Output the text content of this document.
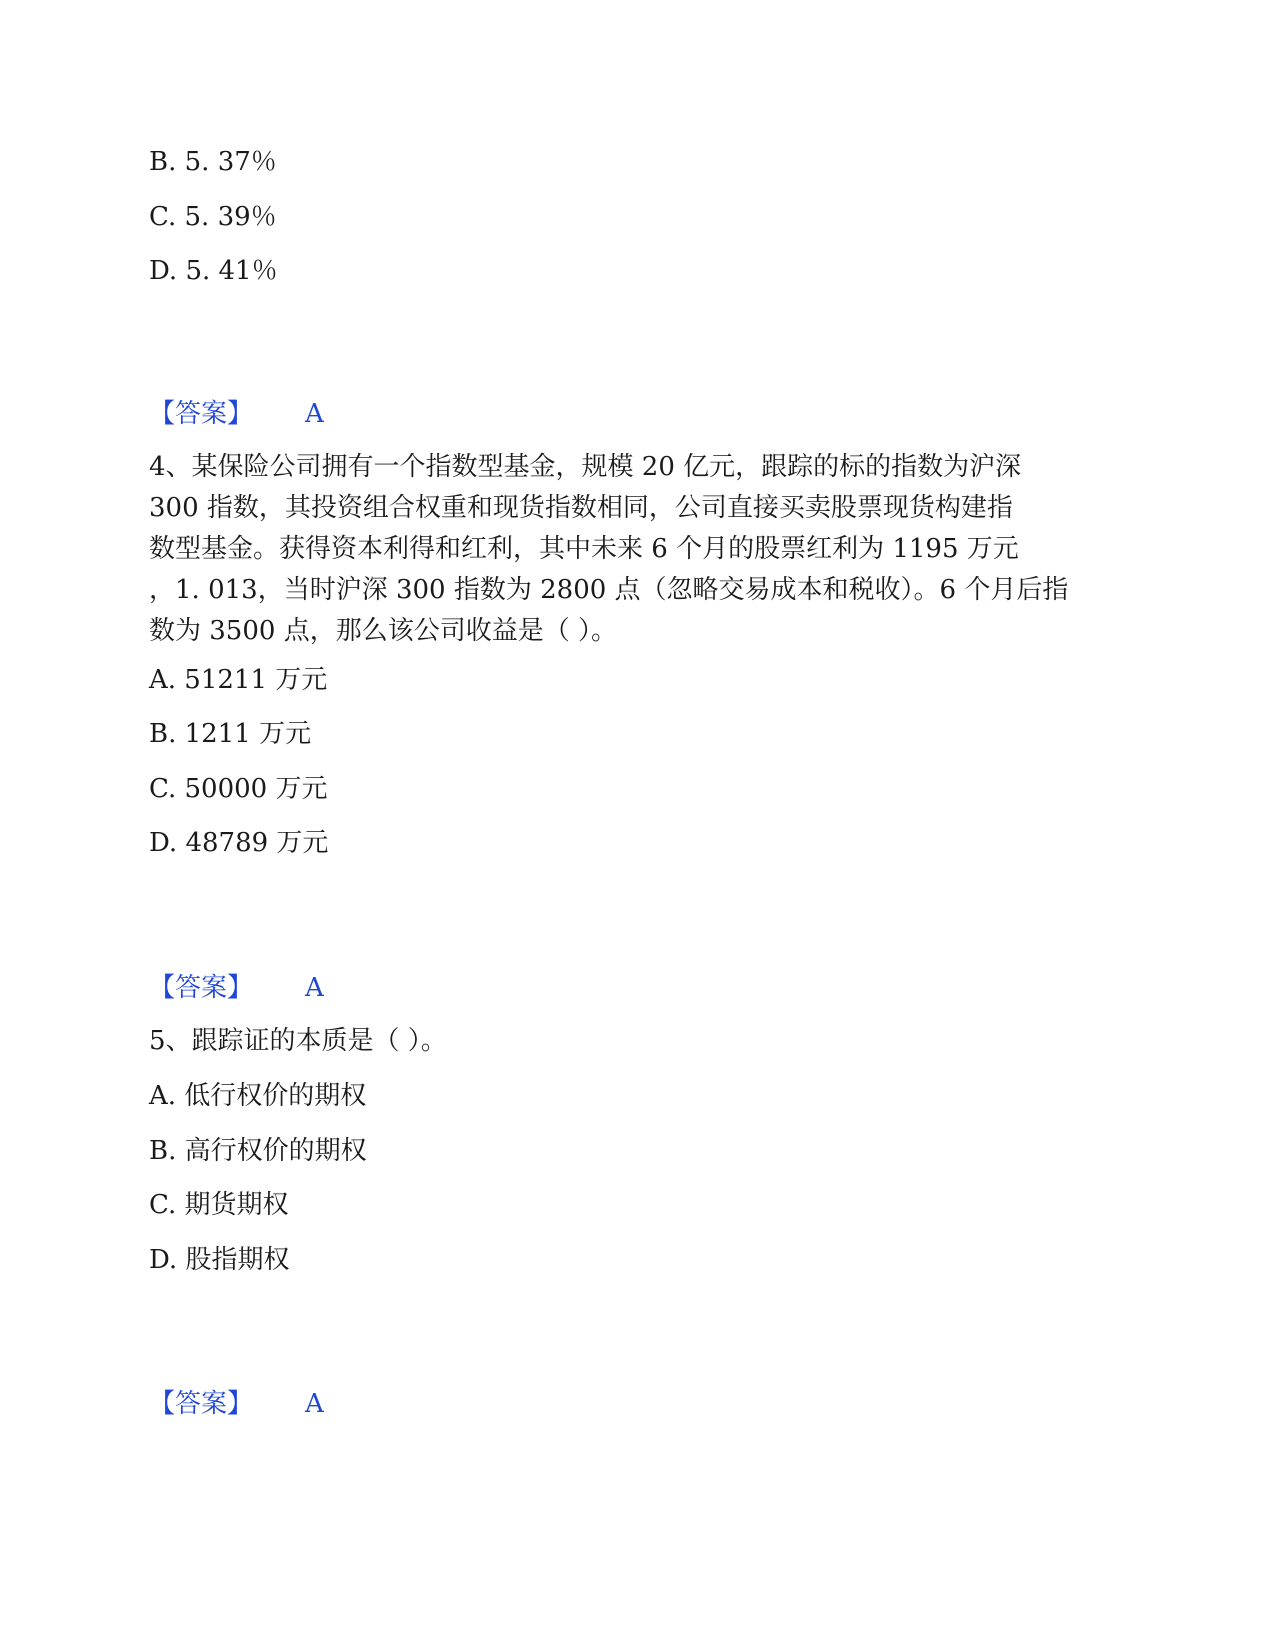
B. 5. 37％
C. 5. 39％
D. 5. 41％
【答案】 A
4、某保险公司拥有一个指数型基金，规模 20 亿元，跟踪的标的指数为沪深
300 指数，其投资组合权重和现货指数相同，公司直接买卖股票现货构建指
数型基金。获得资本利得和红利，其中未来 6 个月的股票红利为 1195 万元
，1. 013，当时沪深 300 指数为 2800 点（忽略交易成本和税收）。6 个月后指
数为 3500 点，那么该公司收益是（ ）。
A. 51211 万元
B. 1211 万元
C. 50000 万元
D. 48789 万元
【答案】 A
5、跟踪证的本质是（ ）。
A. 低行权价的期权
B. 高行权价的期权
C. 期货期权
D. 股指期权
【答案】 A
